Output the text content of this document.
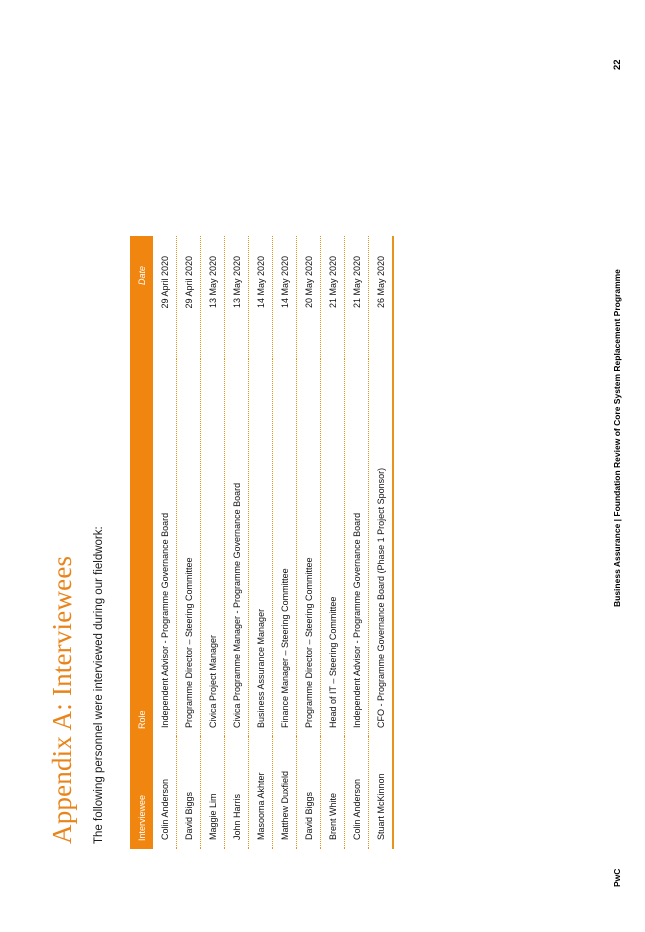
Appendix A: Interviewees The following personnel were interviewed during our fieldwork:	Interviewee	Role	Date
Colin Anderson	Independent Advisor - Programme Governance Board	29 April 2020
David Biggs	Programme Director – Steering Committee	29 April 2020
Maggie Lim	Civica Project Manager	13 May 2020
John Harris	Civica Programme Manager - Programme Governance Board	13 May 2020
Masooma Akhter	Business Assurance Manager	14 May 2020
Matthew Duxfield	Finance Manager – Steering Committee	14 May 2020
David Biggs	Programme Director – Steering Committee	20 May 2020
Brent White	Head of IT – Steering Committee	21 May 2020
Colin Anderson	Independent Advisor - Programme Governance Board	21 May 2020
Stuart McKinnon	CFO - Programme Governance Board (Phase 1 Project Sponsor)	26 May 2020
PwC
Business Assurance | Foundation Review of Core System Replacement Programme
22
